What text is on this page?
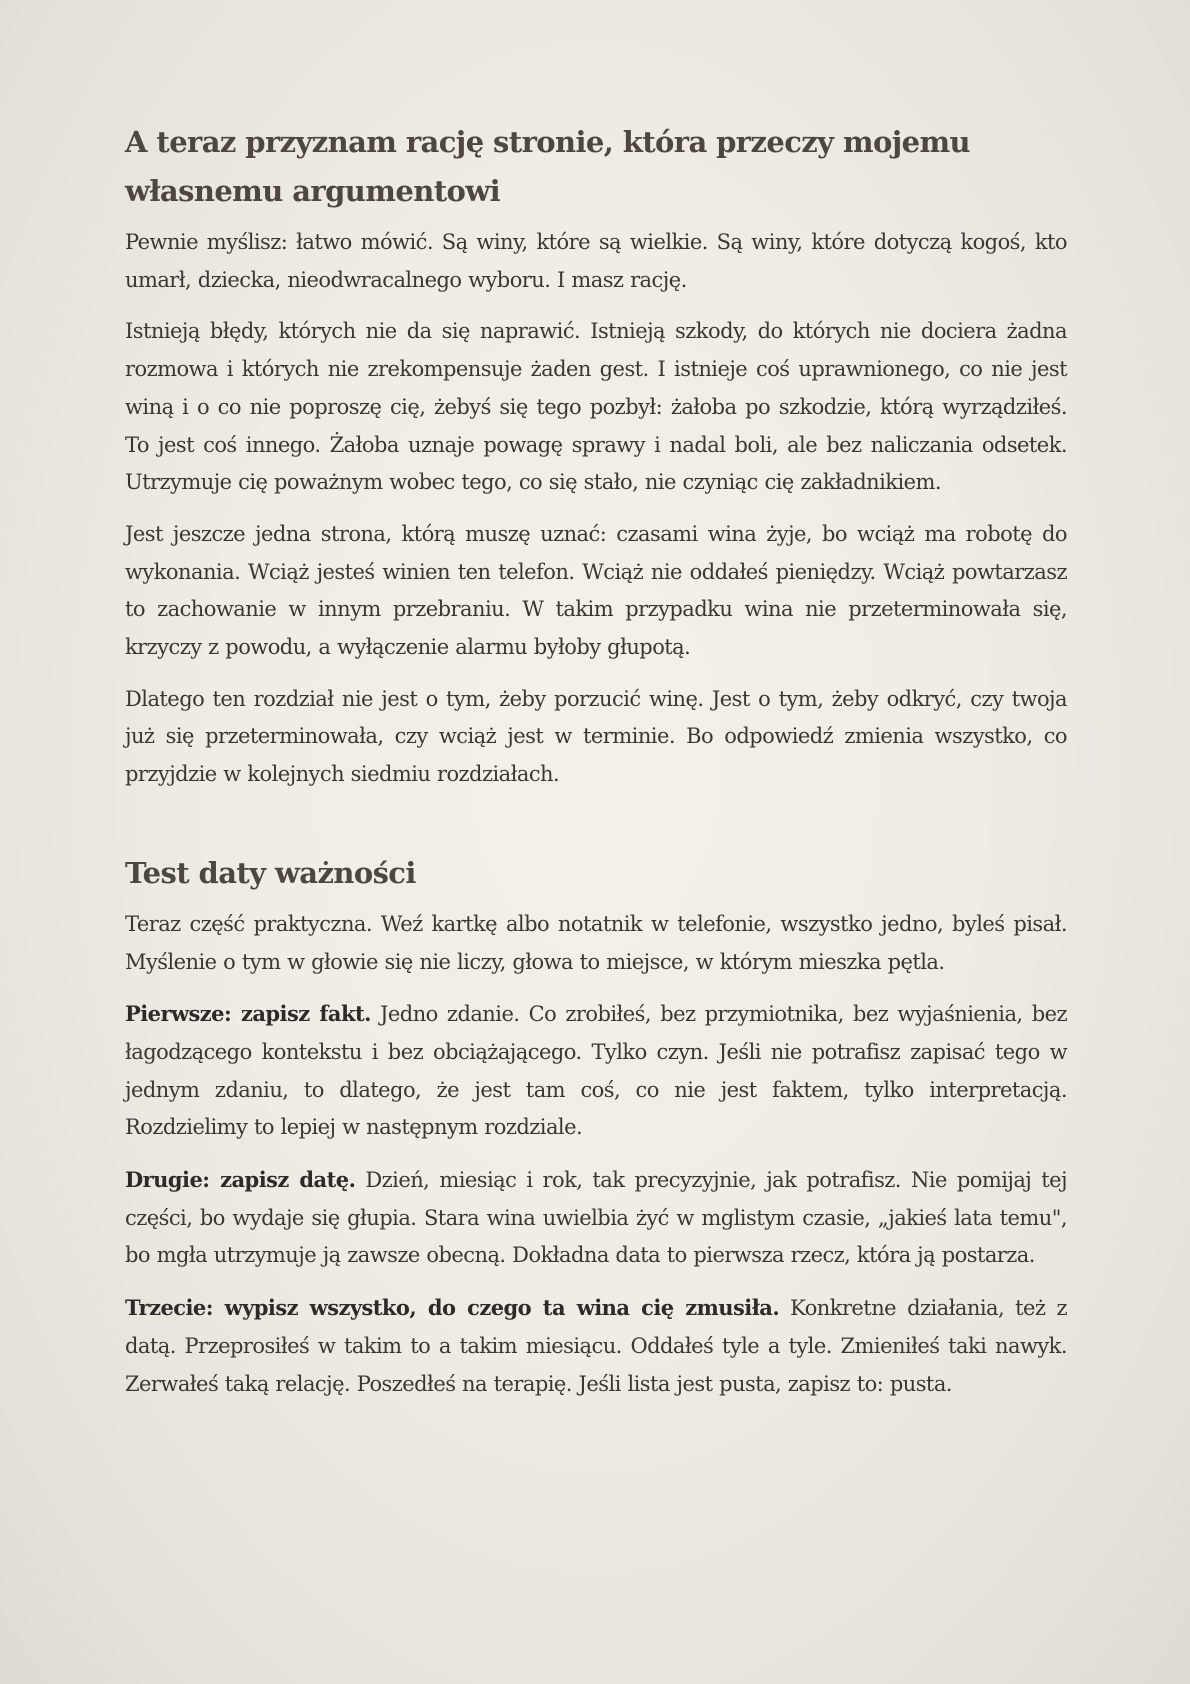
A teraz przyznam rację stronie, która przeczy mojemu własnemu argumentowi

Pewnie myślisz: łatwo mówić. Są winy, które są wielkie. Są winy, które dotyczą kogoś, kto umarł, dziecka, nieodwracalnego wyboru. I masz rację.

Istnieją błędy, których nie da się naprawić. Istnieją szkody, do których nie dociera żadna rozmowa i których nie zrekompensuje żaden gest. I istnieje coś uprawnionego, co nie jest winą i o co nie poproszę cię, żebyś się tego pozbył: żałoba po szkodzie, którą wyrządziłeś. To jest coś innego. Żałoba uznaje powagę sprawy i nadal boli, ale bez naliczania odsetek. Utrzymuje cię poważnym wobec tego, co się stało, nie czyniąc cię zakładnikiem.

Jest jeszcze jedna strona, którą muszę uznać: czasami wina żyje, bo wciąż ma robotę do wykonania. Wciąż jesteś winien ten telefon. Wciąż nie oddałeś pieniędzy. Wciąż powtarzasz to zachowanie w innym przebraniu. W takim przypadku wina nie przeterminowała się, krzyczy z powodu, a wyłączenie alarmu byłoby głupotą.

Dlatego ten rozdział nie jest o tym, żeby porzucić winę. Jest o tym, żeby odkryć, czy twoja już się przeterminowała, czy wciąż jest w terminie. Bo odpowiedź zmienia wszystko, co przyjdzie w kolejnych siedmiu rozdziałach.

Test daty ważności

Teraz część praktyczna. Weź kartkę albo notatnik w telefonie, wszystko jedno, byleś pisał. Myślenie o tym w głowie się nie liczy, głowa to miejsce, w którym mieszka pętla.

Pierwsze: zapisz fakt. Jedno zdanie. Co zrobiłeś, bez przymiotnika, bez wyjaśnienia, bez łagodzącego kontekstu i bez obciążającego. Tylko czyn. Jeśli nie potrafisz zapisać tego w jednym zdaniu, to dlatego, że jest tam coś, co nie jest faktem, tylko interpretacją. Rozdzielimy to lepiej w następnym rozdziale.

Drugie: zapisz datę. Dzień, miesiąc i rok, tak precyzyjnie, jak potrafisz. Nie pomijaj tej części, bo wydaje się głupia. Stara wina uwielbia żyć w mglistym czasie, „jakieś lata temu", bo mgła utrzymuje ją zawsze obecną. Dokładna data to pierwsza rzecz, która ją postarza.

Trzecie: wypisz wszystko, do czego ta wina cię zmusiła. Konkretne działania, też z datą. Przeprosiłeś w takim to a takim miesiącu. Oddałeś tyle a tyle. Zmieniłeś taki nawyk. Zerwałeś taką relację. Poszedłeś na terapię. Jeśli lista jest pusta, zapisz to: pusta.
